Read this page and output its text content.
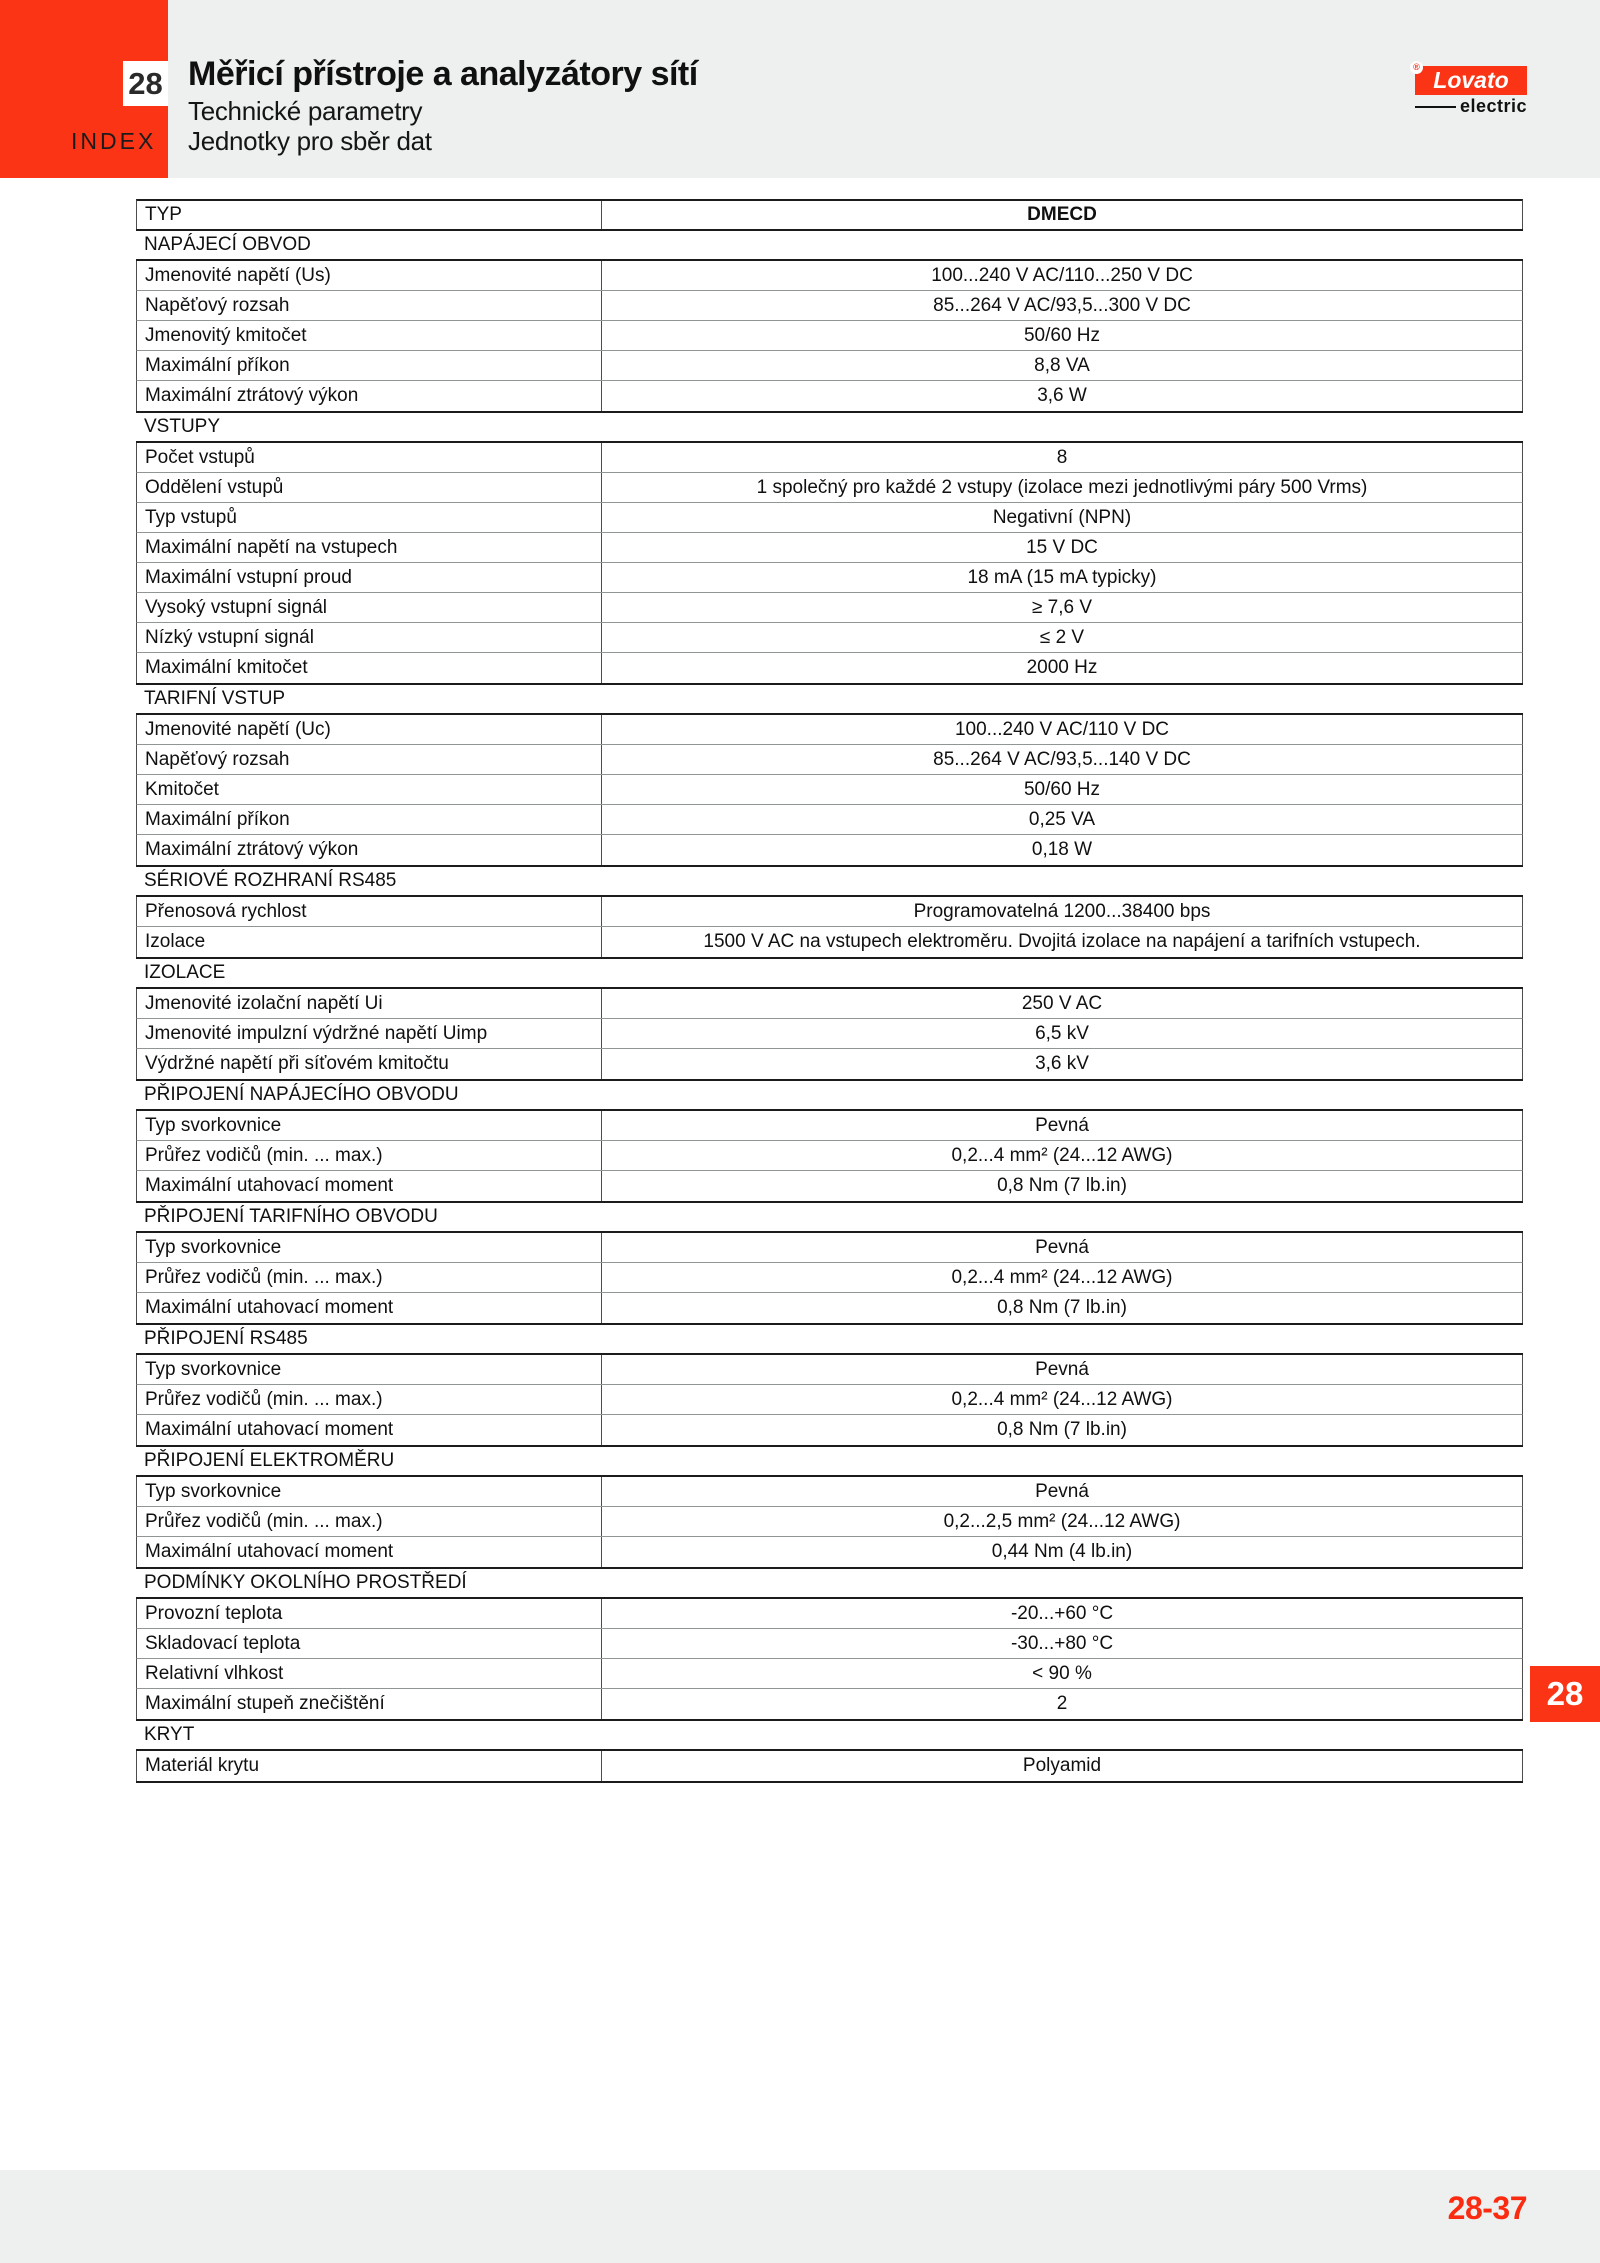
28
INDEX
Měřicí přístroje a analyzátory sítí
Technické parametry
Jednotky pro sběr dat
® Lovato
electric
TYP	DMECD
NAPÁJECÍ OBVOD
Jmenovité napětí (Us)	100...240 V AC/110...250 V DC
Napěťový rozsah	85...264 V AC/93,5...300 V DC
Jmenovitý kmitočet	50/60 Hz
Maximální příkon	8,8 VA
Maximální ztrátový výkon	3,6 W
VSTUPY
Počet vstupů	8
Oddělení vstupů	1 společný pro každé 2 vstupy (izolace mezi jednotlivými páry 500 Vrms)
Typ vstupů	Negativní (NPN)
Maximální napětí na vstupech	15 V DC
Maximální vstupní proud	18 mA (15 mA typicky)
Vysoký vstupní signál	≥ 7,6 V
Nízký vstupní signál	≤ 2 V
Maximální kmitočet	2000 Hz
TARIFNÍ VSTUP
Jmenovité napětí (Uc)	100...240 V AC/110 V DC
Napěťový rozsah	85...264 V AC/93,5...140 V DC
Kmitočet	50/60 Hz
Maximální příkon	0,25 VA
Maximální ztrátový výkon	0,18 W
SÉRIOVÉ ROZHRANÍ RS485
Přenosová rychlost	Programovatelná 1200...38400 bps
Izolace	1500 V AC na vstupech elektroměru. Dvojitá izolace na napájení a tarifních vstupech.
IZOLACE
Jmenovité izolační napětí Ui	250 V AC
Jmenovité impulzní výdržné napětí Uimp	6,5 kV
Výdržné napětí při síťovém kmitočtu	3,6 kV
PŘIPOJENÍ NAPÁJECÍHO OBVODU
Typ svorkovnice	Pevná
Průřez vodičů (min. ... max.)	0,2...4 mm² (24...12 AWG)
Maximální utahovací moment	0,8 Nm (7 lb.in)
PŘIPOJENÍ TARIFNÍHO OBVODU
Typ svorkovnice	Pevná
Průřez vodičů (min. ... max.)	0,2...4 mm² (24...12 AWG)
Maximální utahovací moment	0,8 Nm (7 lb.in)
PŘIPOJENÍ RS485
Typ svorkovnice	Pevná
Průřez vodičů (min. ... max.)	0,2...4 mm² (24...12 AWG)
Maximální utahovací moment	0,8 Nm (7 lb.in)
PŘIPOJENÍ ELEKTROMĚRU
Typ svorkovnice	Pevná
Průřez vodičů (min. ... max.)	0,2...2,5 mm² (24...12 AWG)
Maximální utahovací moment	0,44 Nm (4 lb.in)
PODMÍNKY OKOLNÍHO PROSTŘEDÍ
Provozní teplota	-20...+60 °C
Skladovací teplota	-30...+80 °C
Relativní vlhkost	< 90 %
Maximální stupeň znečištění	2
KRYT
Materiál krytu	Polyamid
28
28-37
